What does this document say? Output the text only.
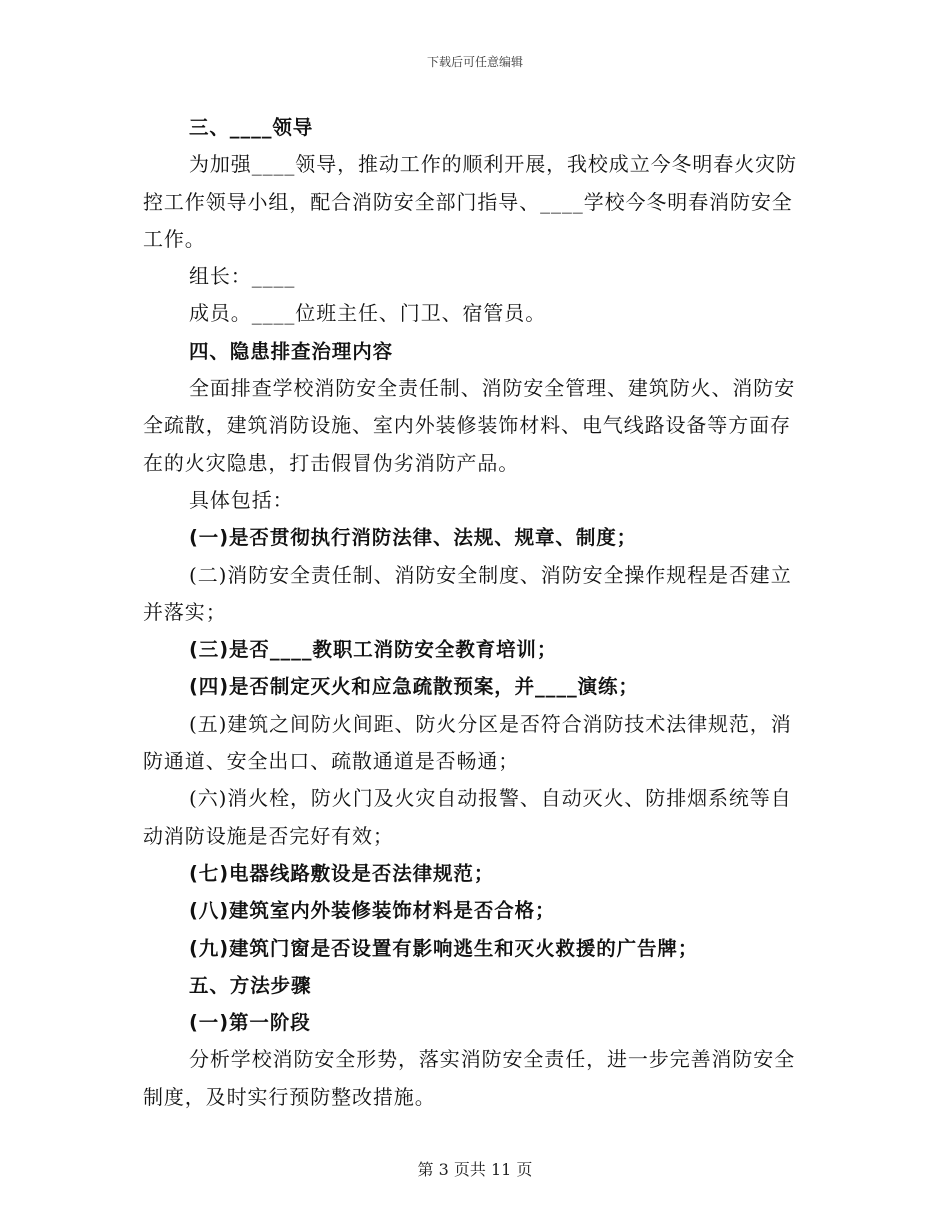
下载后可任意编辑

三、____领导

为加强____领导，推动工作的顺利开展，我校成立今冬明春火灾防控工作领导小组，配合消防安全部门指导、____学校今冬明春消防安全工作。

组长：____

成员。____位班主任、门卫、宿管员。

四、隐患排查治理内容

全面排查学校消防安全责任制、消防安全管理、建筑防火、消防安全疏散，建筑消防设施、室内外装修装饰材料、电气线路设备等方面存在的火灾隐患，打击假冒伪劣消防产品。

具体包括：

(一)是否贯彻执行消防法律、法规、规章、制度；

(二)消防安全责任制、消防安全制度、消防安全操作规程是否建立并落实；

(三)是否____教职工消防安全教育培训；

(四)是否制定灭火和应急疏散预案，并____演练；

(五)建筑之间防火间距、防火分区是否符合消防技术法律规范，消防通道、安全出口、疏散通道是否畅通；

(六)消火栓，防火门及火灾自动报警、自动灭火、防排烟系统等自动消防设施是否完好有效；

(七)电器线路敷设是否法律规范；

(八)建筑室内外装修装饰材料是否合格；

(九)建筑门窗是否设置有影响逃生和灭火救援的广告牌；

五、方法步骤

(一)第一阶段

分析学校消防安全形势，落实消防安全责任，进一步完善消防安全制度，及时实行预防整改措施。

第 3 页共 11 页
